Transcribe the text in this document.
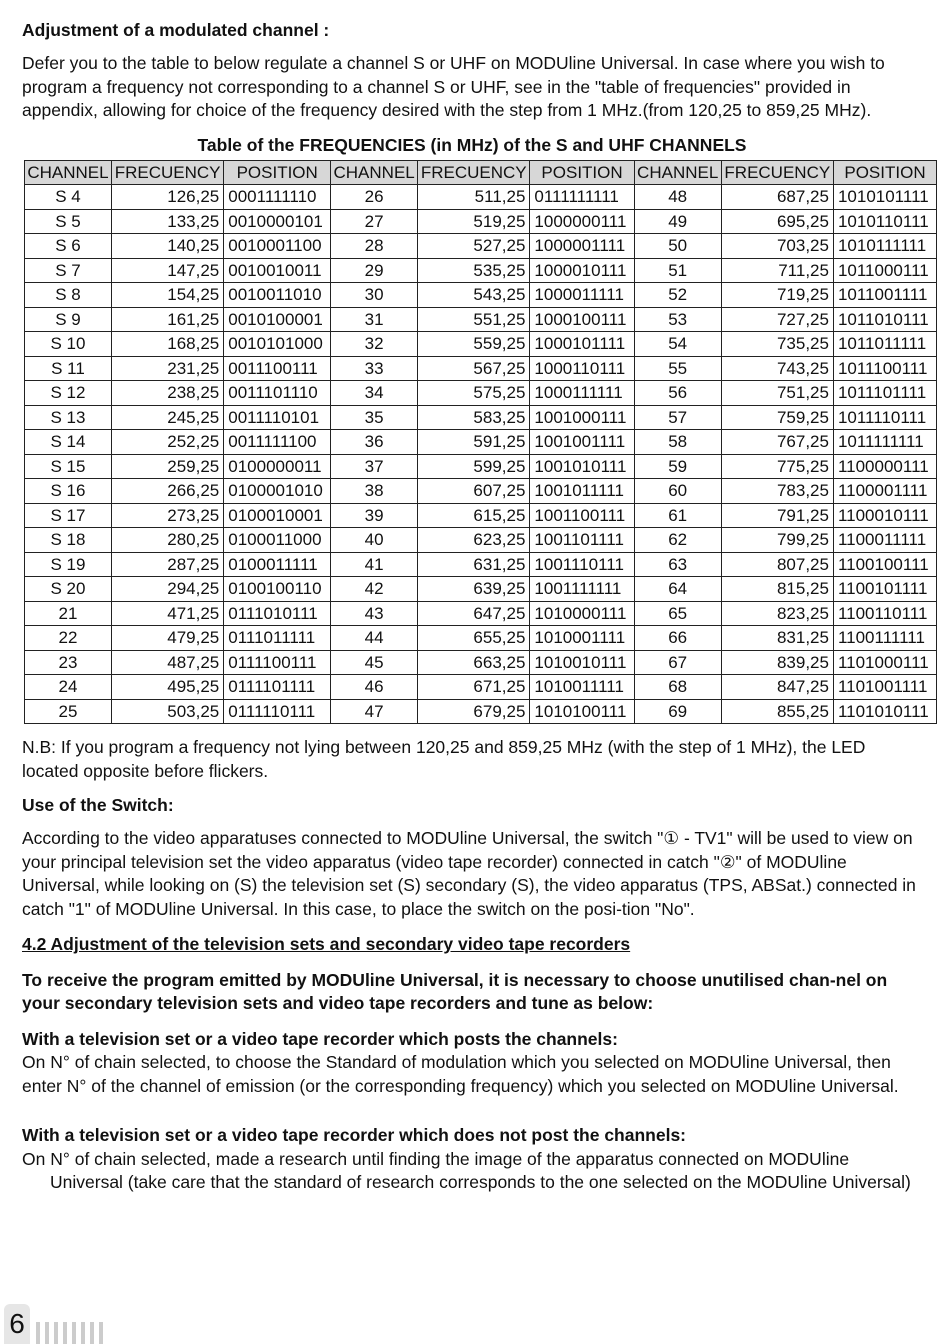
Adjustment of a modulated channel :

Defer you to the table to below regulate a channel S or UHF on MODUline Universal. In case where you wish to program a frequency not corresponding to a channel S or UHF, see in the "table of frequencies" provided in appendix, allowing for choice of the frequency desired with the step from 1 MHz.(from 120,25 to 859,25 MHz).

Table of the FREQUENCIES (in MHz) of the S and UHF CHANNELS
CHANNEL	FRECUENCY	POSITION	CHANNEL	FRECUENCY	POSITION	CHANNEL	FRECUENCY	POSITION
S 4	126,25	0001111110	26	511,25	0111111111	48	687,25	1010101111
S 5	133,25	0010000101	27	519,25	1000000111	49	695,25	1010110111
S 6	140,25	0010001100	28	527,25	1000001111	50	703,25	1010111111
S 7	147,25	0010010011	29	535,25	1000010111	51	711,25	1011000111
S 8	154,25	0010011010	30	543,25	1000011111	52	719,25	1011001111
S 9	161,25	0010100001	31	551,25	1000100111	53	727,25	1011010111
S 10	168,25	0010101000	32	559,25	1000101111	54	735,25	1011011111
S 11	231,25	0011100111	33	567,25	1000110111	55	743,25	1011100111
S 12	238,25	0011101110	34	575,25	1000111111	56	751,25	1011101111
S 13	245,25	0011110101	35	583,25	1001000111	57	759,25	1011110111
S 14	252,25	0011111100	36	591,25	1001001111	58	767,25	1011111111
S 15	259,25	0100000011	37	599,25	1001010111	59	775,25	1100000111
S 16	266,25	0100001010	38	607,25	1001011111	60	783,25	1100001111
S 17	273,25	0100010001	39	615,25	1001100111	61	791,25	1100010111
S 18	280,25	0100011000	40	623,25	1001101111	62	799,25	1100011111
S 19	287,25	0100011111	41	631,25	1001110111	63	807,25	1100100111
S 20	294,25	0100100110	42	639,25	1001111111	64	815,25	1100101111
21	471,25	0111010111	43	647,25	1010000111	65	823,25	1100110111
22	479,25	0111011111	44	655,25	1010001111	66	831,25	1100111111
23	487,25	0111100111	45	663,25	1010010111	67	839,25	1101000111
24	495,25	0111101111	46	671,25	1010011111	68	847,25	1101001111
25	503,25	0111110111	47	679,25	1010100111	69	855,25	1101010111

N.B: If you program a frequency not lying between 120,25 and 859,25 MHz (with the step of 1 MHz), the LED located opposite before flickers.

Use of the Switch:

According to the video apparatuses connected to MODUline Universal, the switch "① - TV1" will be used to view on your principal television set the video apparatus (video tape recorder) connected in catch "②" of MODUline Universal, while looking on (S) the television set (S) secondary (S), the video apparatus (TPS, ABSat.) connected in catch "1" of MODUline Universal. In this case, to place the switch on the posi-tion "No".

4.2 Adjustment of the television sets and secondary video tape recorders

To receive the program emitted by MODUline Universal, it is necessary to choose unutilised chan-nel on your secondary television sets and video tape recorders and tune as below:

With a television set or a video tape recorder which posts the channels:

On N° of chain selected, to choose the Standard of modulation which you selected on MODUline Universal, then enter N° of the channel of emission (or the corresponding frequency) which you selected on MODUline Universal.

With a television set or a video tape recorder which does not post the channels:

On N° of chain selected, made a research until finding the image of the apparatus connected on MODUline Universal (take care that the standard of research corresponds to the one selected on the MODUline Universal)

6
